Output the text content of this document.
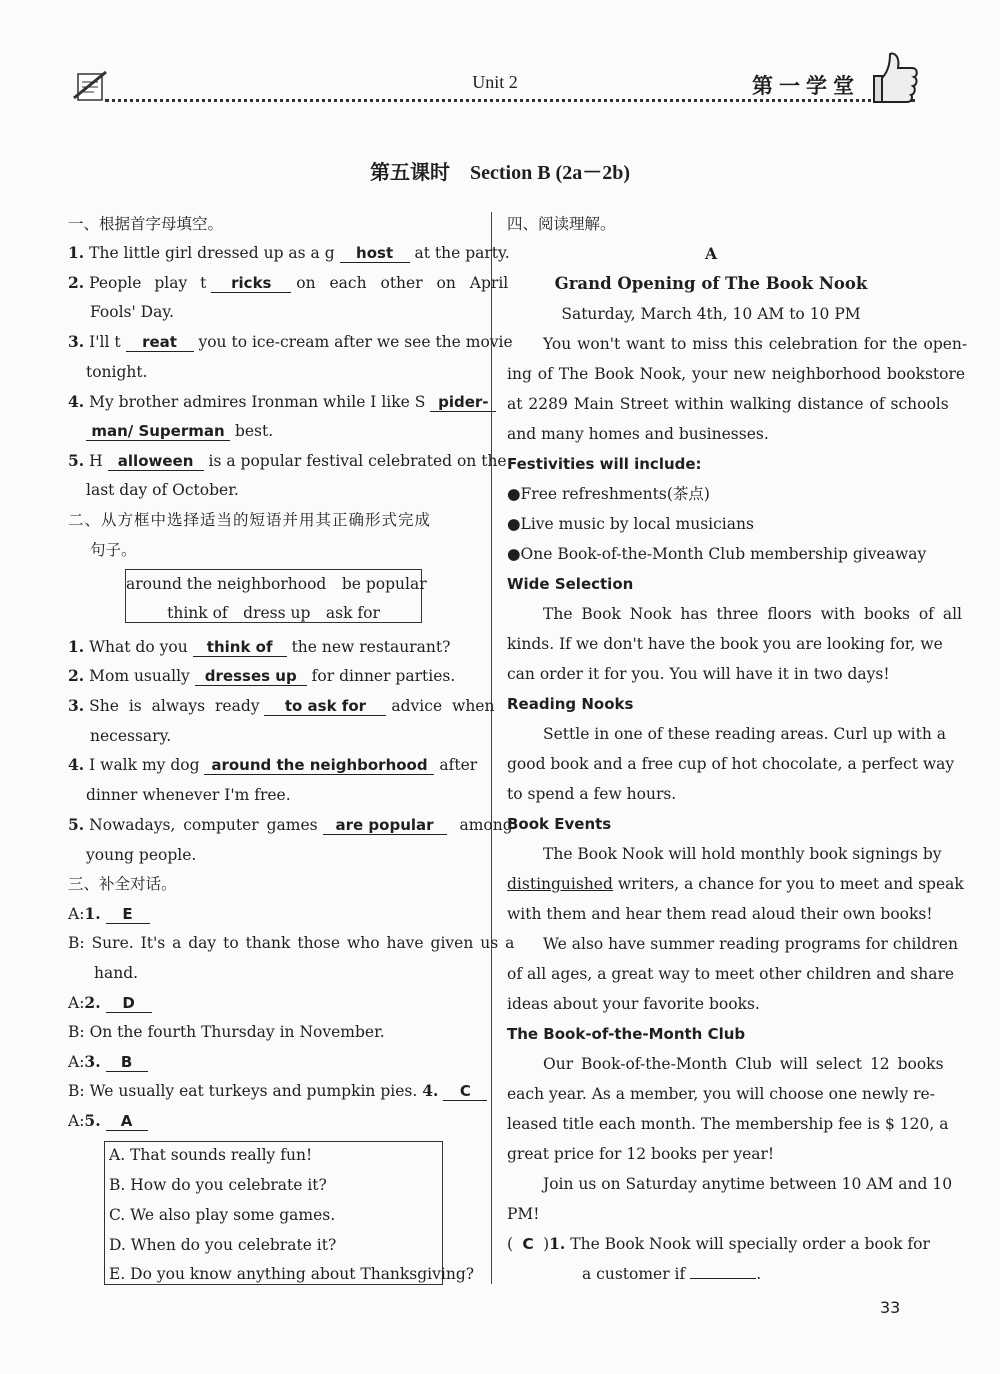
Unit 2	第一学堂
第五课时　Section B (2a－2b)
一、根据首字母填空。
1. The little girl dressed up as a g host at the party.
2. People play t ricks on each other on April
Fools' Day.
3. I'll t reat you to ice-cream after we see the movie
tonight.
4. My brother admires Ironman while I like S pider-
man/ Superman best.
5. H alloween is a popular festival celebrated on the
last day of October.
二、从方框中选择适当的短语并用其正确形式完成
句子。
around the neighborhood　be popular
think of　dress up　ask for
1. What do you think of the new restaurant?
2. Mom usually dresses up for dinner parties.
3. She is always ready to ask for advice when
necessary.
4. I walk my dog around the neighborhood after
dinner whenever I'm free.
5. Nowadays, computer games are popular among
young people.
三、补全对话。
A:1. E
B: Sure. It's a day to thank those who have given us a
hand.
A:2. D
B: On the fourth Thursday in November.
A:3. B
B: We usually eat turkeys and pumpkin pies. 4. C
A:5. A
A. That sounds really fun!
B. How do you celebrate it?
C. We also play some games.
D. When do you celebrate it?
E. Do you know anything about Thanksgiving?
四、阅读理解。
A
Grand Opening of The Book Nook
Saturday, March 4th, 10 AM to 10 PM
You won't want to miss this celebration for the open-
ing of The Book Nook, your new neighborhood bookstore
at 2289 Main Street within walking distance of schools
and many homes and businesses.
Festivities will include:
●Free refreshments(茶点)
●Live music by local musicians
●One Book-of-the-Month Club membership giveaway
Wide Selection
The Book Nook has three floors with books of all
kinds. If we don't have the book you are looking for, we
can order it for you. You will have it in two days!
Reading Nooks
Settle in one of these reading areas. Curl up with a
good book and a free cup of hot chocolate, a perfect way
to spend a few hours.
Book Events
The Book Nook will hold monthly book signings by
distinguished writers, a chance for you to meet and speak
with them and hear them read aloud their own books!
We also have summer reading programs for children
of all ages, a great way to meet other children and share
ideas about your favorite books.
The Book-of-the-Month Club
Our Book-of-the-Month Club will select 12 books
each year. As a member, you will choose one newly re-
leased title each month. The membership fee is $ 120, a
great price for 12 books per year!
Join us on Saturday anytime between 10 AM and 10
PM!
( C )1. The Book Nook will specially order a book for
a customer if	.
33
